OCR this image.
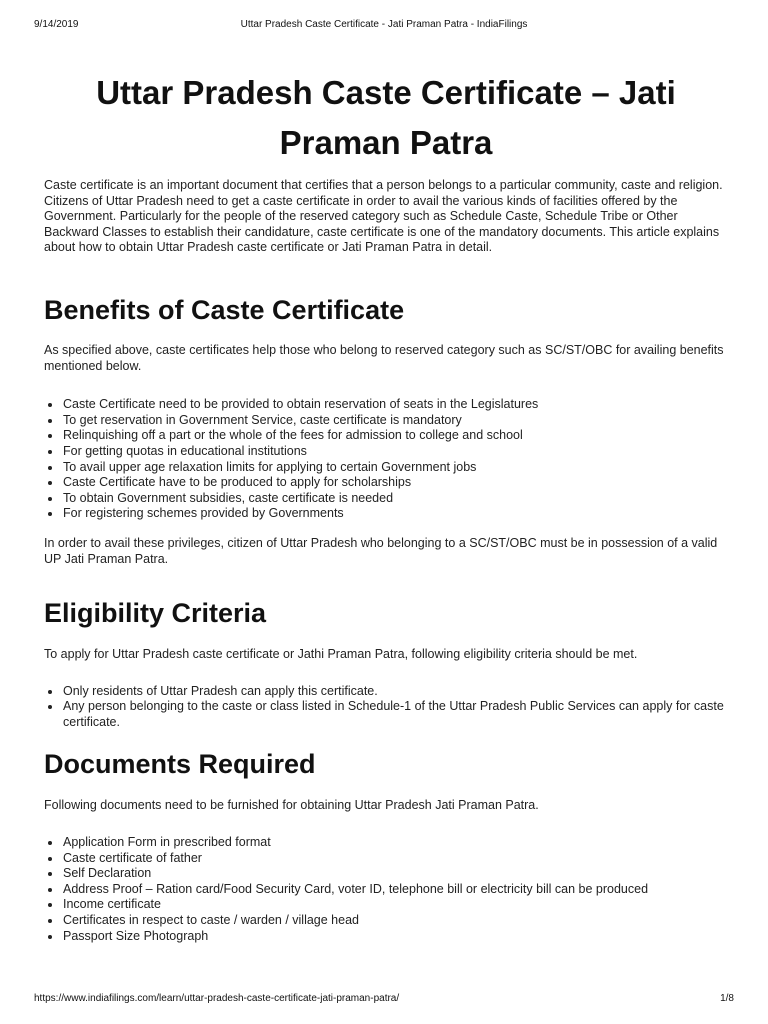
9/14/2019	Uttar Pradesh Caste Certificate - Jati Praman Patra - IndiaFilings
Uttar Pradesh Caste Certificate – Jati Praman Patra

Caste certificate is an important document that certifies that a person belongs to a particular community, caste and religion. Citizens of Uttar Pradesh need to get a caste certificate in order to avail the various kinds of facilities offered by the Government. Particularly for the people of the reserved category such as Schedule Caste, Schedule Tribe or Other Backward Classes to establish their candidature, caste certificate is one of the mandatory documents. This article explains about how to obtain Uttar Pradesh caste certificate or Jati Praman Patra in detail.

Benefits of Caste Certificate

As specified above, caste certificates help those who belong to reserved category such as SC/ST/OBC for availing benefits mentioned below.

Caste Certificate need to be provided to obtain reservation of seats in the Legislatures
To get reservation in Government Service, caste certificate is mandatory
Relinquishing off a part or the whole of the fees for admission to college and school
For getting quotas in educational institutions
To avail upper age relaxation limits for applying to certain Government jobs
Caste Certificate have to be produced to apply for scholarships
To obtain Government subsidies, caste certificate is needed
For registering schemes provided by Governments

In order to avail these privileges, citizen of Uttar Pradesh who belonging to a SC/ST/OBC must be in possession of a valid UP Jati Praman Patra.

Eligibility Criteria

To apply for Uttar Pradesh caste certificate or Jathi Praman Patra, following eligibility criteria should be met.

Only residents of Uttar Pradesh can apply this certificate.
Any person belonging to the caste or class listed in Schedule-1 of the Uttar Pradesh Public Services can apply for caste certificate.
Documents Required

Following documents need to be furnished for obtaining Uttar Pradesh Jati Praman Patra.

Application Form in prescribed format
Caste certificate of father
Self Declaration
Address Proof – Ration card/Food Security Card, voter ID, telephone bill or electricity bill can be produced
Income certificate
Certificates in respect to caste / warden / village head
Passport Size Photograph
https://www.indiafilings.com/learn/uttar-pradesh-caste-certificate-jati-praman-patra/	1/8
